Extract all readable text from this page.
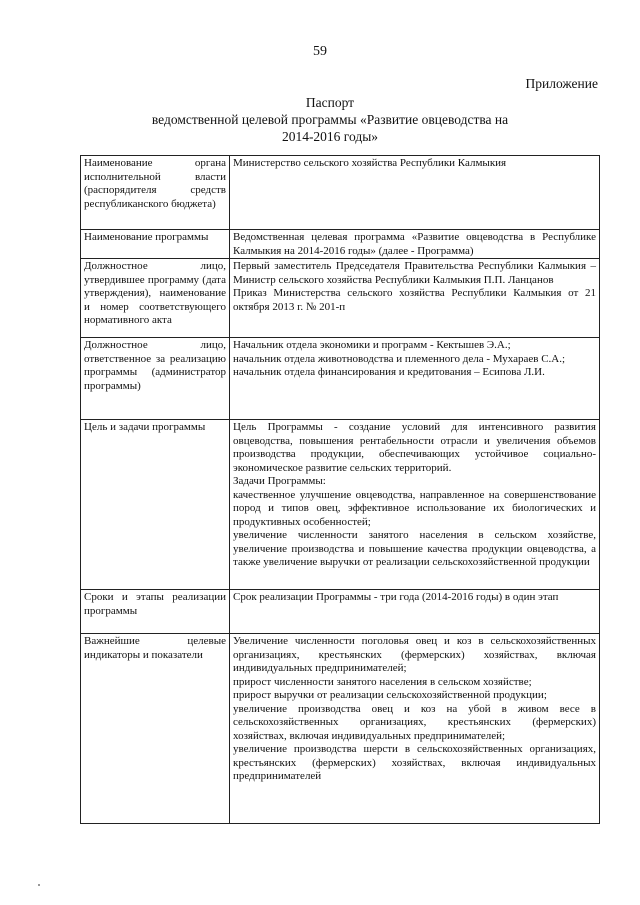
59
Приложение
Паспорт
ведомственной целевой программы «Развитие овцеводства на
2014-2016 годы»
Наименование органа исполнительной власти (распорядителя средств республиканского бюджета)	Министерство сельского хозяйства Республики Калмыкия

Наименование программы	Ведомственная целевая программа «Развитие овцеводства в Республике Калмыкия на 2014-2016 годы» (далее - Программа)

Должностное лицо, утвердившее программу (дата утверждения), наименование и номер соответствующего нормативного акта	Первый заместитель Председателя Правительства Республики Калмыкия – Министр сельского хозяйства Республики Калмыкия П.П. Ланцанов
Приказ Министерства сельского хозяйства Республики Калмыкия от 21 октября 2013 г. № 201-п

Должностное лицо, ответственное за реализацию программы (администратор программы)	Начальник отдела экономики и программ - Кектышев Э.А.;
начальник отдела животноводства и племенного дела - Мухараев С.А.;
начальник отдела финансирования и кредитования – Есипова Л.И.

Цель и задачи программы	Цель Программы - создание условий для интенсивного развития овцеводства, повышения рентабельности отрасли и увеличения объемов производства продукции, обеспечивающих устойчивое социально-экономическое развитие сельских территорий.
Задачи Программы:
качественное улучшение овцеводства, направленное на совершенствование пород и типов овец, эффективное использование их биологических и продуктивных особенностей;
увеличение численности занятого населения в сельском хозяйстве, увеличение производства и повышение качества продукции овцеводства, а также увеличение выручки от реализации сельскохозяйственной продукции

Сроки и этапы реализации программы	Срок реализации Программы - три года (2014-2016 годы) в один этап

Важнейшие целевые индикаторы и показатели	Увеличение численности поголовья овец и коз в сельскохозяйственных организациях, крестьянских (фермерских) хозяйствах, включая индивидуальных предпринимателей;
прирост численности занятого населения в сельском хозяйстве;
прирост выручки от реализации сельскохозяйственной продукции;
увеличение производства овец и коз на убой в живом весе в сельскохозяйственных организациях, крестьянских (фермерских) хозяйствах, включая индивидуальных предпринимателей;
увеличение производства шерсти в сельскохозяйственных организациях, крестьянских (фермерских) хозяйствах, включая индивидуальных предпринимателей
